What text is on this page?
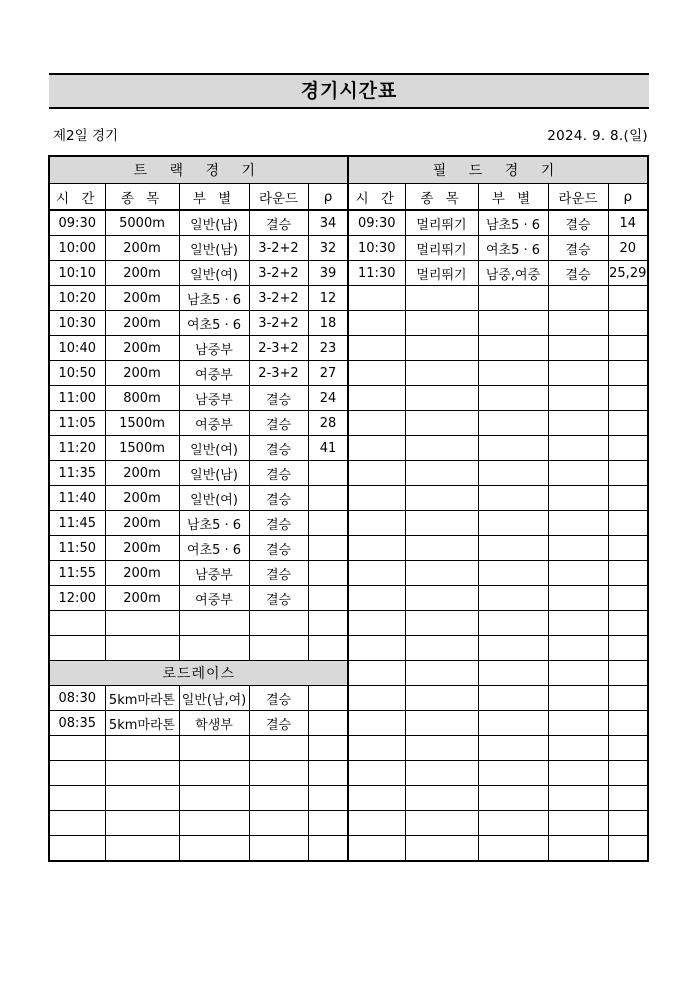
경기시간표
제2일 경기	2024. 9. 8.(일)
트 랙 경 기				
시 간	종 목	부 별	라운드	ρ
09:30	5000m	일반(남)	결승	34
10:00	200m	일반(남)	3-2+2	32
10:10	200m	일반(여)	3-2+2	39
10:20	200m	남초5 · 6	3-2+2	12
10:30	200m	여초5 · 6	3-2+2	18
10:40	200m	남중부	2-3+2	23
10:50	200m	여중부	2-3+2	27
11:00	800m	남중부	결승	24
11:05	1500m	여중부	결승	28
11:20	1500m	일반(여)	결승	41
11:35	200m	일반(남)	결승	
11:40	200m	일반(여)	결승	
11:45	200m	남초5 · 6	결승	
11:50	200m	여초5 · 6	결승	
11:55	200m	남중부	결승	
12:00	200m	여중부	결승	

로드레이스				
08:30	5km마라톤	일반(남,여)	결승	
08:35	5km마라톤	학생부	결승	

필 드 경 기				
시 간	종 목	부 별	라운드	ρ
09:30	멀리뛰기	남초5 · 6	결승	14
10:30	멀리뛰기	여초5 · 6	결승	20
11:30	멀리뛰기	남중,여중	결승	25,29
